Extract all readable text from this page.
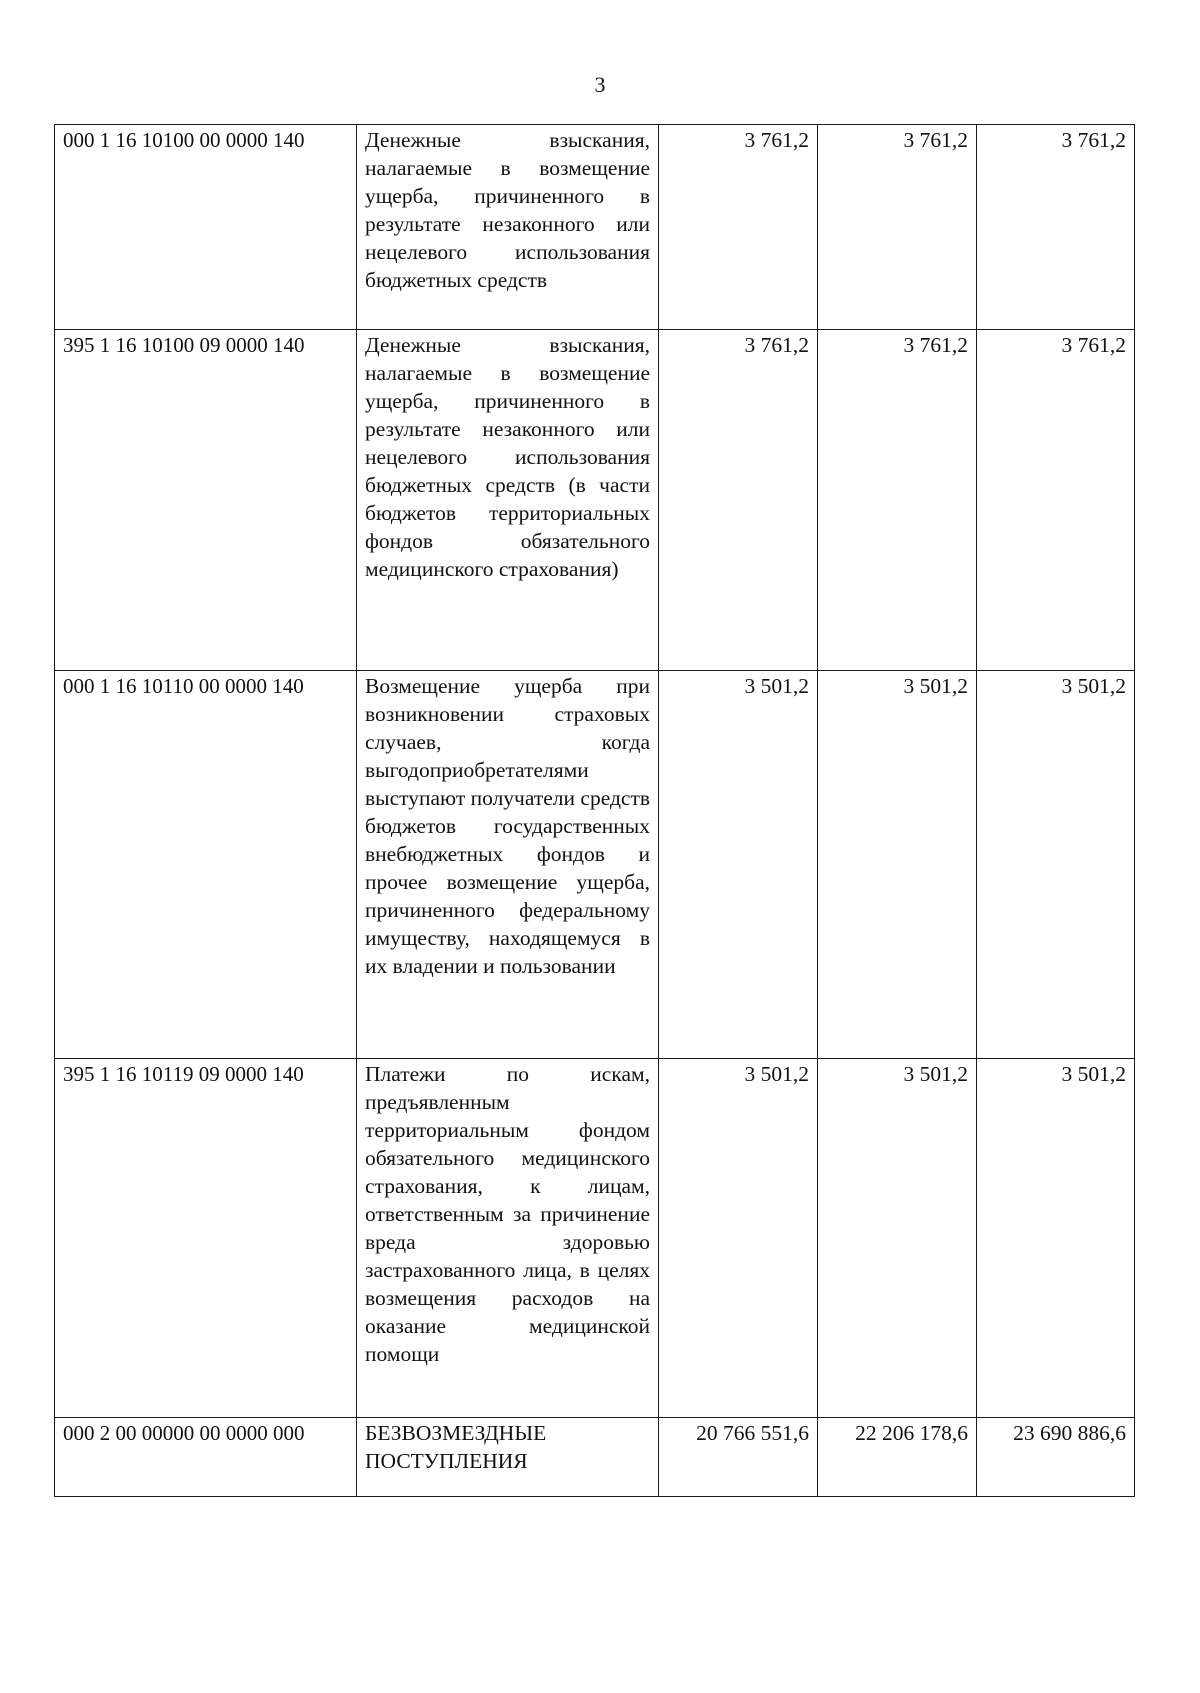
3
000 1 16 10100 00 0000 140	Денежные взыскания, налагаемые в возмещение ущерба, причиненного в результате незаконного или нецелевого использования бюджетных средств	3 761,2	3 761,2	3 761,2
395 1 16 10100 09 0000 140	Денежные взыскания, налагаемые в возмещение ущерба, причиненного в результате незаконного или нецелевого использования бюджетных средств (в части бюджетов территориальных фондов обязательного медицинского страхования)	3 761,2	3 761,2	3 761,2
000 1 16 10110 00 0000 140	Возмещение ущерба при возникновении страховых случаев, когда выгодоприобретателями выступают получатели средств бюджетов государственных внебюджетных фондов и прочее возмещение ущерба, причиненного федеральному имуществу, находящемуся в их владении и пользовании	3 501,2	3 501,2	3 501,2
395 1 16 10119 09 0000 140	Платежи по искам, предъявленным территориальным фондом обязательного медицинского страхования, к лицам, ответственным за причинение вреда здоровью застрахованного лица, в целях возмещения расходов на оказание медицинской помощи	3 501,2	3 501,2	3 501,2
000 2 00 00000 00 0000 000	БЕЗВОЗМЕЗДНЫЕ ПОСТУПЛЕНИЯ	20 766 551,6	22 206 178,6	23 690 886,6
